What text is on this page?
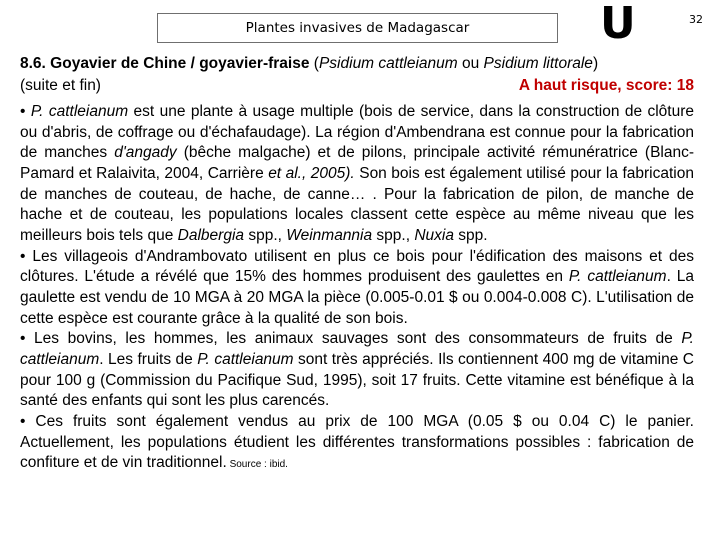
Plantes invasives de Madagascar	U	32
8.6. Goyavier de Chine / goyavier-fraise (Psidium cattleianum ou Psidium littorale)
A haut risque, score: 18
(suite et fin)

• P. cattleianum est une plante à usage multiple (bois de service, dans la construction de clôture ou d'abris, de coffrage ou d'échafaudage). La région d'Ambendrana est connue pour la fabrication de manches d'angady (bêche malgache) et de pilons, principale activité rémunératrice (Blanc-Pamard et Ralaivita, 2004, Carrière et al., 2005). Son bois est également utilisé pour la fabrication de manches de couteau, de hache, de canne… . Pour la fabrication de pilon, de manche de hache et de couteau, les populations locales classent cette espèce au même niveau que les meilleurs bois tels que Dalbergia spp., Weinmannia spp., Nuxia spp.

• Les villageois d'Andrambovato utilisent en plus ce bois pour l'édification des maisons et des clôtures. L'étude a révélé que 15% des hommes produisent des gaulettes en P. cattleianum. La gaulette est vendu de 10 MGA à 20 MGA la pièce (0.005-0.01 $ ou 0.004-0.008 C). L'utilisation de cette espèce est courante grâce à la qualité de son bois.

• Les bovins, les hommes, les animaux sauvages sont des consommateurs de fruits de P. cattleianum. Les fruits de P. cattleianum sont très appréciés. Ils contiennent 400 mg de vitamine C pour 100 g (Commission du Pacifique Sud, 1995), soit 17 fruits. Cette vitamine est bénéfique à la santé des enfants qui sont les plus carencés.

• Ces fruits sont également vendus au prix de 100 MGA (0.05 $ ou 0.04 C) le panier. Actuellement, les populations étudient les différentes transformations possibles : fabrication de confiture et de vin traditionnel. Source : ibid.
